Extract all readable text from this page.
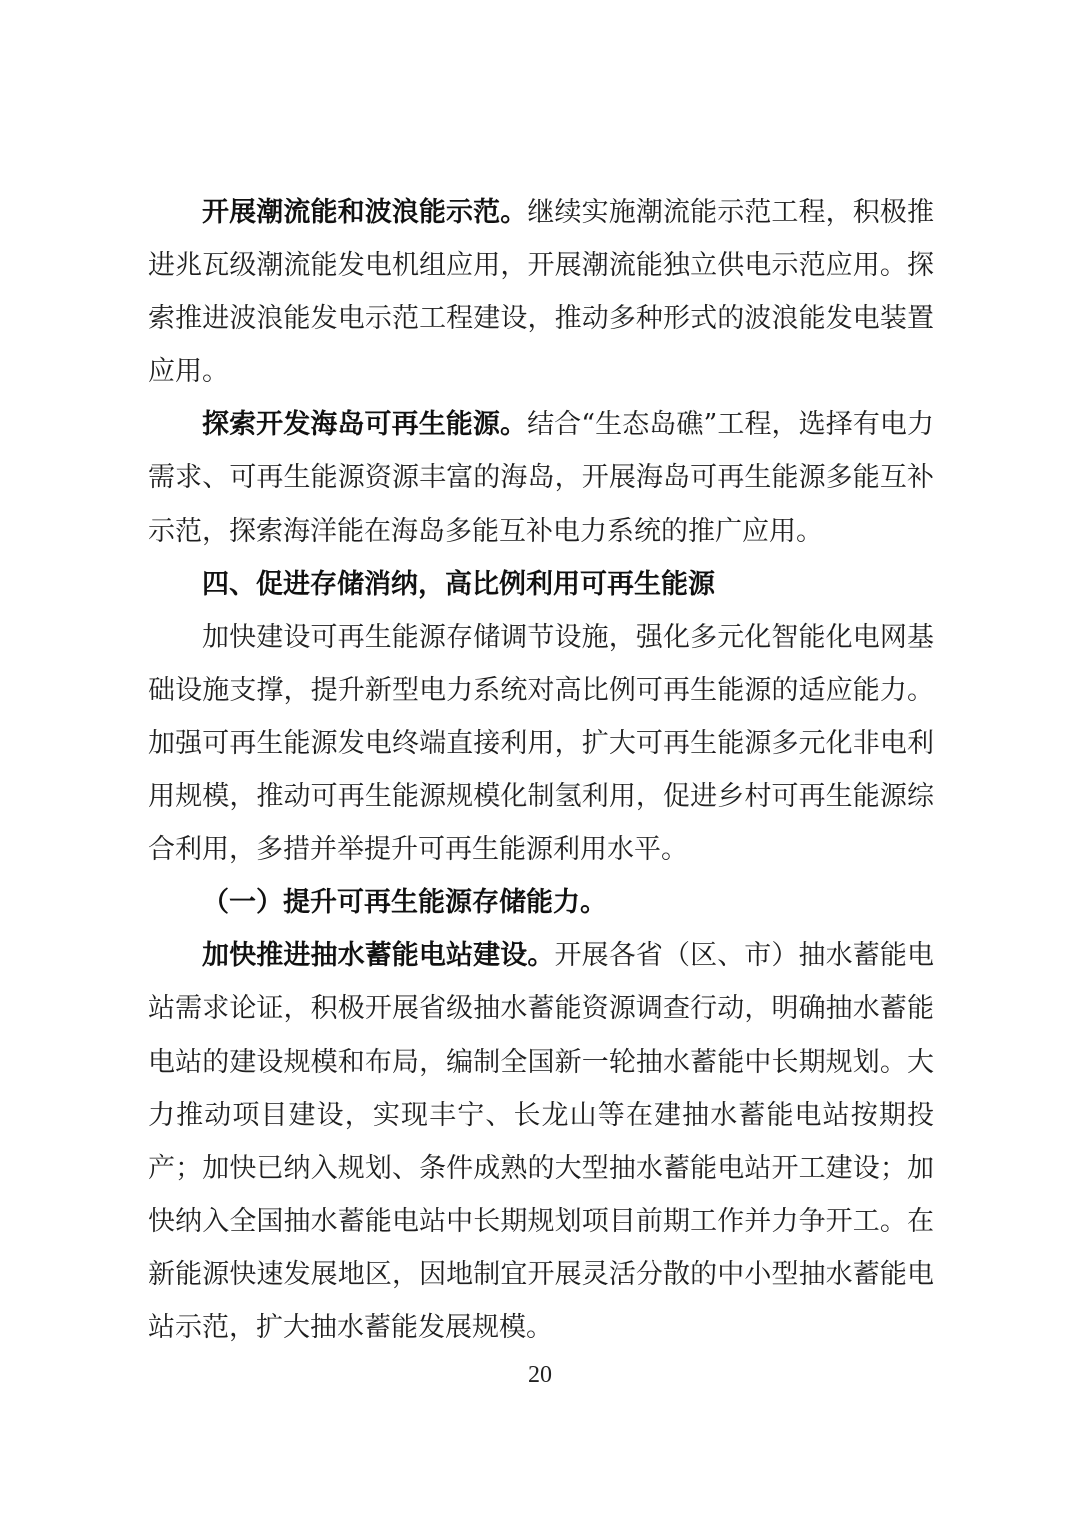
开展潮流能和波浪能示范。继续实施潮流能示范工程，积极推进兆瓦级潮流能发电机组应用，开展潮流能独立供电示范应用。探索推进波浪能发电示范工程建设，推动多种形式的波浪能发电装置应用。

探索开发海岛可再生能源。结合“生态岛礁”工程，选择有电力需求、可再生能源资源丰富的海岛，开展海岛可再生能源多能互补示范，探索海洋能在海岛多能互补电力系统的推广应用。

四、促进存储消纳，高比例利用可再生能源

加快建设可再生能源存储调节设施，强化多元化智能化电网基础设施支撑，提升新型电力系统对高比例可再生能源的适应能力。加强可再生能源发电终端直接利用，扩大可再生能源多元化非电利用规模，推动可再生能源规模化制氢利用，促进乡村可再生能源综合利用，多措并举提升可再生能源利用水平。

（一）提升可再生能源存储能力。

加快推进抽水蓄能电站建设。开展各省（区、市）抽水蓄能电站需求论证，积极开展省级抽水蓄能资源调查行动，明确抽水蓄能电站的建设规模和布局，编制全国新一轮抽水蓄能中长期规划。大力推动项目建设，实现丰宁、长龙山等在建抽水蓄能电站按期投产；加快已纳入规划、条件成熟的大型抽水蓄能电站开工建设；加快纳入全国抽水蓄能电站中长期规划项目前期工作并力争开工。在新能源快速发展地区，因地制宜开展灵活分散的中小型抽水蓄能电站示范，扩大抽水蓄能发展规模。

20
